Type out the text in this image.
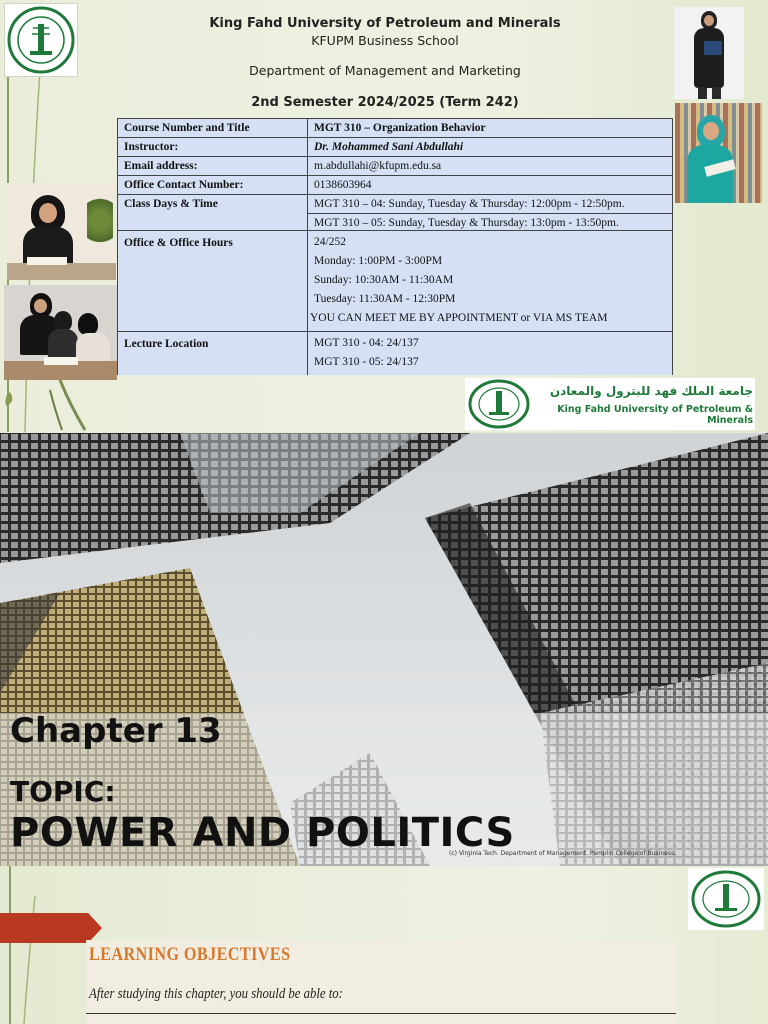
King Fahd University of Petroleum and Minerals
KFUPM Business School
Department of Management and Marketing
2nd Semester 2024/2025 (Term 242)
Course Number and Title	MGT 310 – Organization Behavior
Instructor:	Dr. Mohammed Sani Abdullahi
Email address:	m.abdullahi@kfupm.edu.sa
Office Contact Number:	0138603964
Class Days & Time	MGT 310 – 04: Sunday, Tuesday & Thursday: 12:00pm - 12:50pm.
MGT 310 – 05: Sunday, Tuesday & Thursday: 13:0pm - 13:50pm.

Office & Office Hours	24/252
Monday: 1:00PM - 3:00PM
Sunday: 10:30AM - 11:30AM
Tuesday: 11:30AM - 12:30PM
YOU CAN MEET ME BY APPOINTMENT or VIA MS TEAM

Lecture Location	MGT 310 - 04: 24/137
MGT 310 - 05: 24/137
جامعة الملك فهد للبترول والمعادن
King Fahd University of Petroleum & Minerals
Chapter 13
TOPIC:
POWER AND POLITICS
(c) Virginia Tech. Department of Management. Pamplin College of Business.
LEARNING OBJECTIVES
After studying this chapter, you should be able to:
